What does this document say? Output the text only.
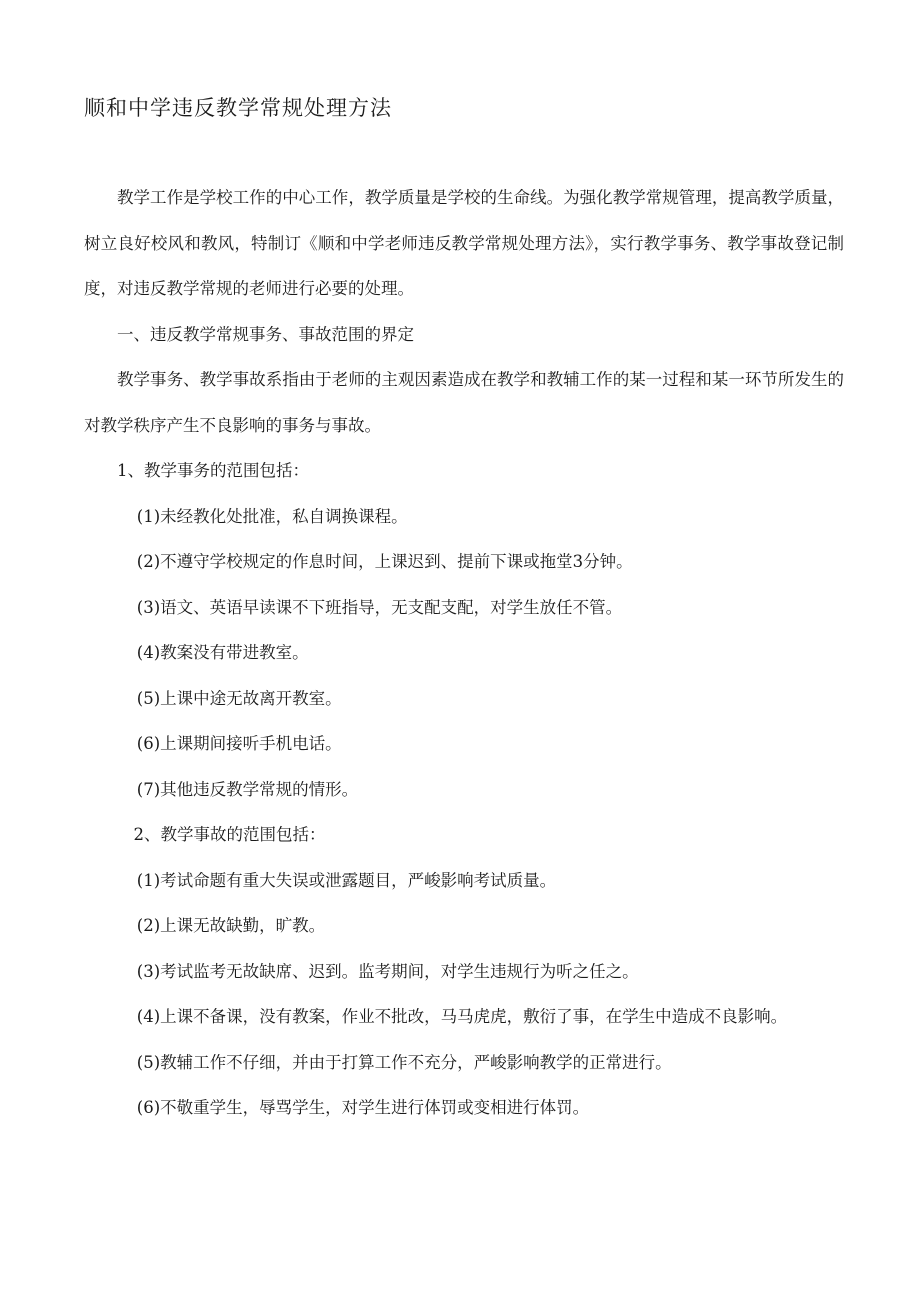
顺和中学违反教学常规处理方法

教学工作是学校工作的中心工作，教学质量是学校的生命线。为强化教学常规管理，提高教学质量，树立良好校风和教风，特制订《顺和中学老师违反教学常规处理方法》，实行教学事务、教学事故登记制度，对违反教学常规的老师进行必要的处理。

一、违反教学常规事务、事故范围的界定

教学事务、教学事故系指由于老师的主观因素造成在教学和教辅工作的某一过程和某一环节所发生的对教学秩序产生不良影响的事务与事故。

1、教学事务的范围包括：

(1)未经教化处批准，私自调换课程。

(2)不遵守学校规定的作息时间，上课迟到、提前下课或拖堂3分钟。

(3)语文、英语早读课不下班指导，无支配支配，对学生放任不管。

(4)教案没有带进教室。

(5)上课中途无故离开教室。

(6)上课期间接听手机电话。

(7)其他违反教学常规的情形。

2、教学事故的范围包括：

(1)考试命题有重大失误或泄露题目，严峻影响考试质量。

(2)上课无故缺勤，旷教。

(3)考试监考无故缺席、迟到。监考期间，对学生违规行为听之任之。

(4)上课不备课，没有教案，作业不批改，马马虎虎，敷衍了事，在学生中造成不良影响。

(5)教辅工作不仔细，并由于打算工作不充分，严峻影响教学的正常进行。

(6)不敬重学生，辱骂学生，对学生进行体罚或变相进行体罚。
